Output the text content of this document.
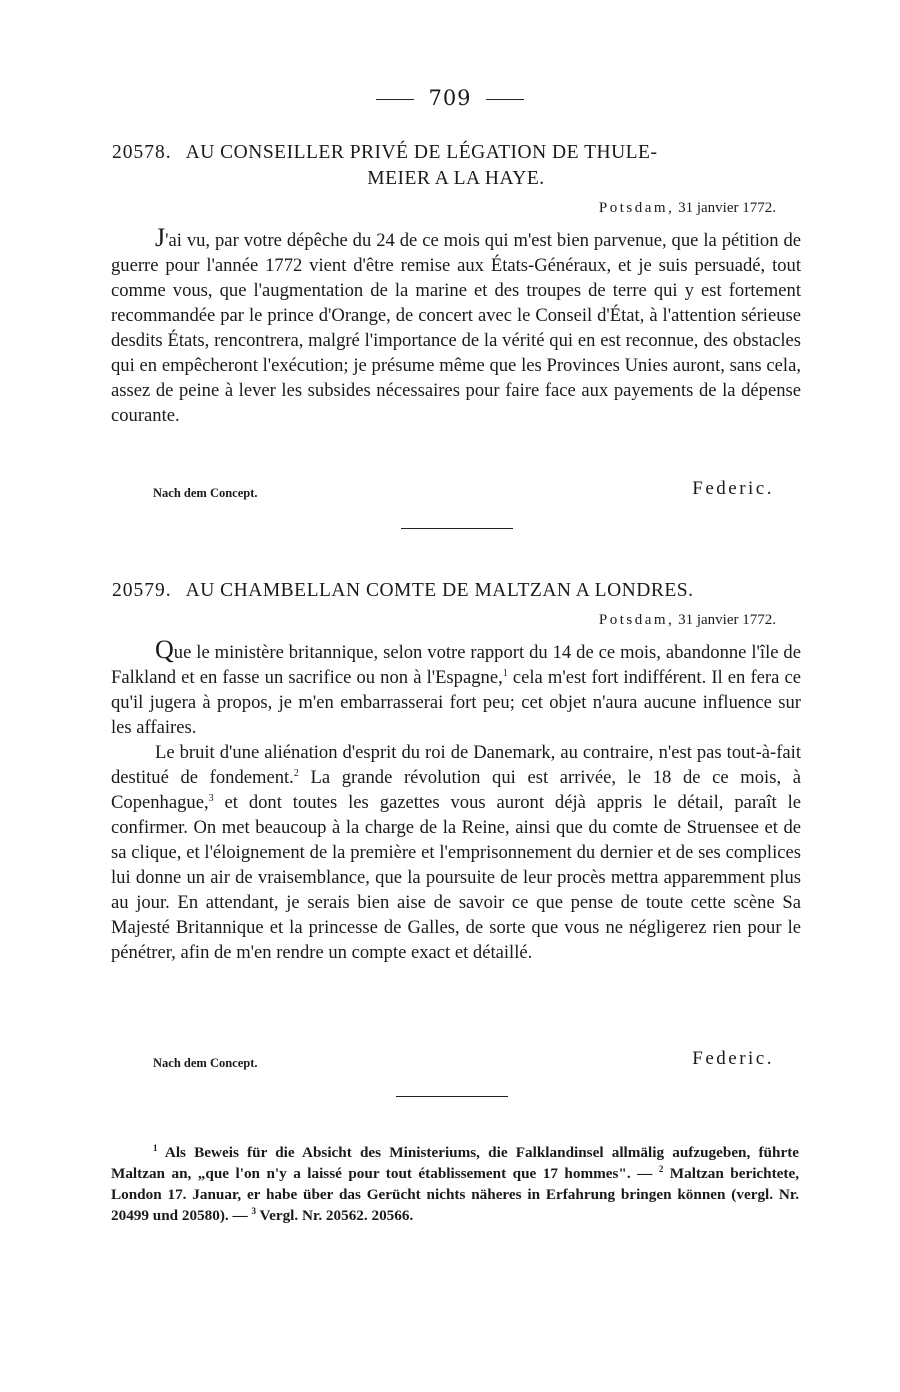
709
20578. AU CONSEILLER PRIVÉ DE LÉGATION DE THULE-
MEIER A LA HAYE.
Potsdam, 31 janvier 1772.

J'ai vu, par votre dépêche du 24 de ce mois qui m'est bien parvenue, que la pétition de guerre pour l'année 1772 vient d'être remise aux États-Généraux, et je suis persuadé, tout comme vous, que l'augmentation de la marine et des troupes de terre qui y est fortement recommandée par le prince d'Orange, de concert avec le Conseil d'État, à l'attention sérieuse desdits États, rencontrera, malgré l'importance de la vérité qui en est reconnue, des obstacles qui en empêcheront l'exécution; je présume même que les Provinces Unies auront, sans cela, assez de peine à lever les subsides nécessaires pour faire face aux payements de la dépense courante.

Nach dem Concept.	Federic.
20579. AU CHAMBELLAN COMTE DE MALTZAN A LONDRES.
Potsdam, 31 janvier 1772.

Que le ministère britannique, selon votre rapport du 14 de ce mois, abandonne l'île de Falkland et en fasse un sacrifice ou non à l'Espagne,$^1$ cela m'est fort indifférent. Il en fera ce qu'il jugera à propos, je m'en embarrasserai fort peu; cet objet n'aura aucune influence sur les affaires.

Le bruit d'une aliénation d'esprit du roi de Danemark, au contraire, n'est pas tout-à-fait destitué de fondement.$^2$ La grande révolution qui est arrivée, le 18 de ce mois, à Copenhague,$^3$ et dont toutes les gazettes vous auront déjà appris le détail, paraît le confirmer. On met beaucoup à la charge de la Reine, ainsi que du comte de Struensee et de sa clique, et l'éloignement de la première et l'emprisonnement du dernier et de ses complices lui donne un air de vraisemblance, que la poursuite de leur procès mettra apparemment plus au jour. En attendant, je serais bien aise de savoir ce que pense de toute cette scène Sa Majesté Britannique et la princesse de Galles, de sorte que vous ne négligerez rien pour le pénétrer, afin de m'en rendre un compte exact et détaillé.

Nach dem Concept.	Federic.

$^1$ Als Beweis für die Absicht des Ministeriums, die Falklandinsel allmälig aufzugeben, führte Maltzan an, „que l'on n'y a laissé pour tout établissement que 17 hommes". — $^2$ Maltzan berichtete, London 17. Januar, er habe über das Gerücht nichts näheres in Erfahrung bringen können (vergl. Nr. 20499 und 20580). — $^3$ Vergl. Nr. 20562. 20566.
